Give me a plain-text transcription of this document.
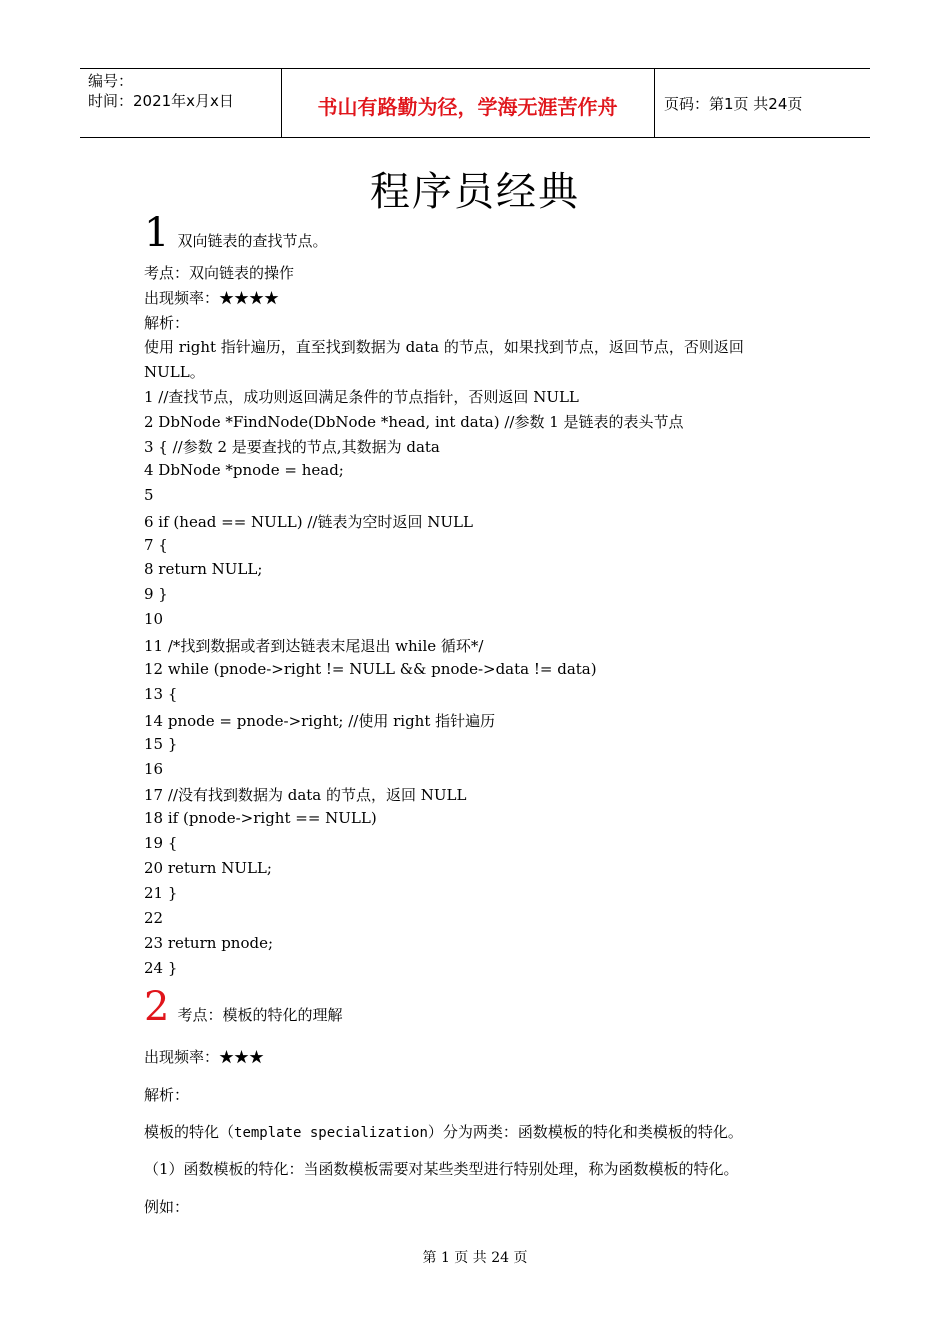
编号：
时间：2021年x月x日	书山有路勤为径，学海无涯苦作舟	页码：第1页 共24页
程序员经典
1 双向链表的查找节点。
考点：双向链表的操作
出现频率：★★★★
解析：
使用 right 指针遍历，直至找到数据为 data 的节点，如果找到节点，返回节点，否则返回
NULL。
1 //查找节点，成功则返回满足条件的节点指针，否则返回 NULL
2 DbNode *FindNode(DbNode *head, int data) //参数 1 是链表的表头节点
3 { //参数 2 是要查找的节点,其数据为 data
4 DbNode *pnode = head;
5
6 if (head == NULL) //链表为空时返回 NULL
7 {
8 return NULL;
9 }
10
11 /*找到数据或者到达链表末尾退出 while 循环*/
12 while (pnode->right != NULL && pnode->data != data)
13 {
14 pnode = pnode->right; //使用 right 指针遍历
15 }
16
17 //没有找到数据为 data 的节点，返回 NULL
18 if (pnode->right == NULL)
19 {
20 return NULL;
21 }
22
23 return pnode;
24 }
2 考点：模板的特化的理解
出现频率：★★★
解析：
模板的特化（template specialization）分为两类：函数模板的特化和类模板的特化。
（1）函数模板的特化：当函数模板需要对某些类型进行特别处理，称为函数模板的特化。
例如：
第 1 页 共 24 页
